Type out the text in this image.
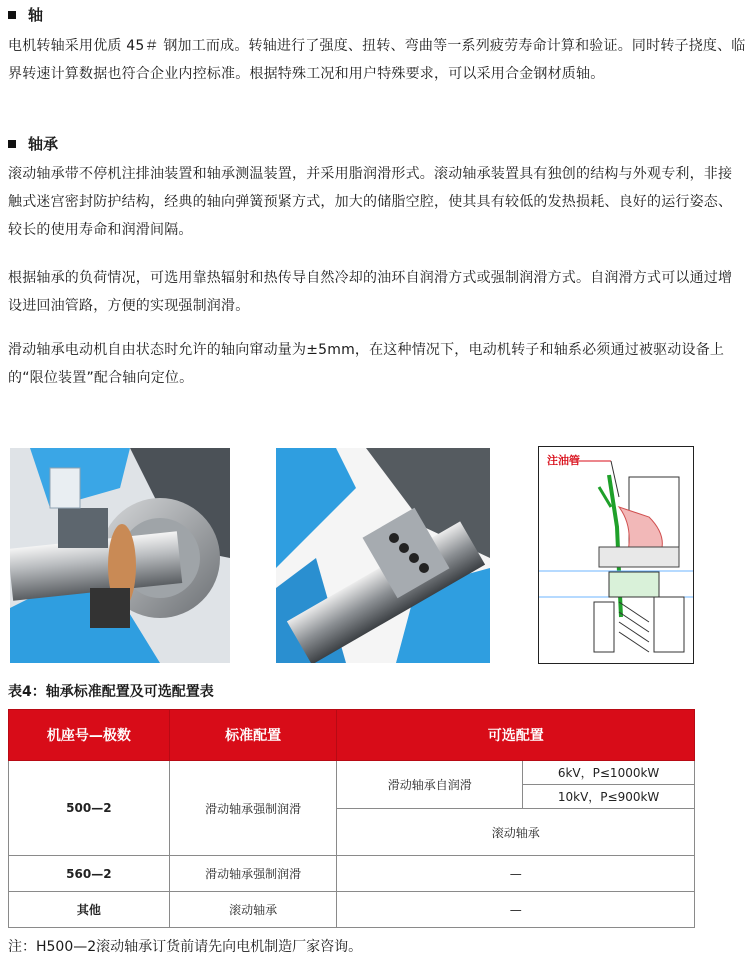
轴
电机转轴采用优质 45＃ 钢加工而成。转轴进行了强度、扭转、弯曲等一系列疲劳寿命计算和验证。同时转子挠度、临界转速计算数据也符合企业内控标准。根据特殊工况和用户特殊要求，可以采用合金钢材质轴。
轴承
滚动轴承带不停机注排油装置和轴承测温装置，并采用脂润滑形式。滚动轴承装置具有独创的结构与外观专利，非接触式迷宫密封防护结构，经典的轴向弹簧预紧方式，加大的储脂空腔，使其具有较低的发热损耗、良好的运行姿态、较长的使用寿命和润滑间隔。
根据轴承的负荷情况，可选用靠热辐射和热传导自然冷却的油环自润滑方式或强制润滑方式。自润滑方式可以通过增设进回油管路，方便的实现强制润滑。
滑动轴承电动机自由状态时允许的轴向窜动量为±5mm，在这种情况下，电动机转子和轴系必须通过被驱动设备上的“限位装置”配合轴向定位。
注油管
表4：轴承标准配置及可选配置表
机座号—极数	标准配置	可选配置	
500—2	滑动轴承强制润滑	滑动轴承自润滑	6kV，P≤1000kW
			10kV，P≤900kW
		滚动轴承	
560—2	滑动轴承强制润滑	—	
其他	滚动轴承	—	
注：H500—2滚动轴承订货前请先向电机制造厂家咨询。
